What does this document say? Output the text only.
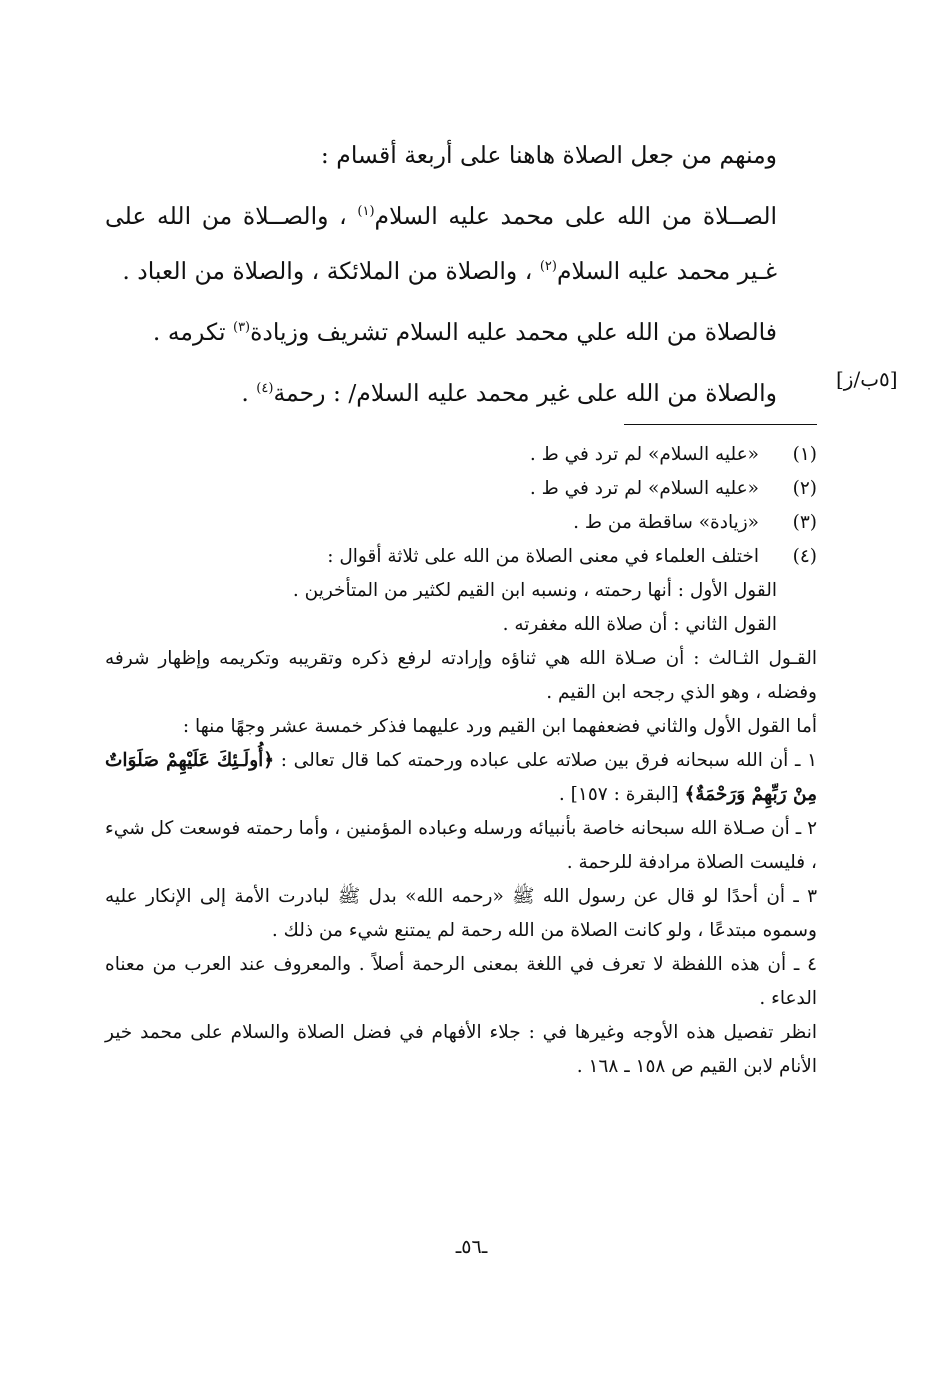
ومنهم من جعل الصلاة هاهنا على أربعة أقسام :

الصــلاة من الله على محمد عليه السلام$^{(١)}$ ، والصــلاة من الله على غـير محمد عليه السلام$^{(٢)}$ ، والصلاة من الملائكة ، والصلاة من العباد .

فالصلاة من الله علي محمد عليه السلام تشريف وزيادة$^{(٣)}$ تكرمه .

والصلاة من الله على غير محمد عليه السلام/ : رحمة$^{(٤)}$ .	[٥ب/ز]
(١)
«عليه السلام» لم ترد في ط .
(٢)
«عليه السلام» لم ترد في ط .
(٣)
«زيادة» ساقطة من ط .
(٤)
اختلف العلماء في معنى الصلاة من الله على ثلاثة أقوال :

القول الأول : أنها رحمته ، ونسبه ابن القيم لكثير من المتأخرين .

القول الثاني : أن صلاة الله مغفرته .

القـول الثـالث : أن صـلاة الله هي ثناؤه وإرادته لرفع ذكره وتقريبه وتكريمه وإظهار شرفه وفضله ، وهو الذي رجحه ابن القيم .

أما القول الأول والثاني فضعفهما ابن القيم ورد عليهما فذكر خمسة عشر وجهًا منها :

١ ـ أن الله سبحانه فرق بين صلاته على عباده ورحمته كما قال تعالى : ﴿أُولَـئِكَ عَلَيْهِمْ صَلَوَاتٌ مِنْ رَبِّهِمْ وَرَحْمَةٌ﴾ [البقرة : ١٥٧] .

٢ ـ أن صـلاة الله سبحانه خاصة بأنبيائه ورسله وعباده المؤمنين ، وأما رحمته فوسعت كل شيء ، فليست الصلاة مرادفة للرحمة .

٣ ـ أن أحدًا لو قال عن رسول الله ﷺ «رحمه الله» بدل ﷺ لبادرت الأمة إلى الإنكار عليه وسموه مبتدعًا ، ولو كانت الصلاة من الله رحمة لم يمتنع شيء من ذلك .

٤ ـ أن هذه اللفظة لا تعرف في اللغة بمعنى الرحمة أصلاً . والمعروف عند العرب من معناه الدعاء .

انظر تفصيل هذه الأوجه وغيرها في : جلاء الأفهام في فضل الصلاة والسلام على محمد خير الأنام لابن القيم ص ١٥٨ ـ ١٦٨ .

ـ٥٦ـ
